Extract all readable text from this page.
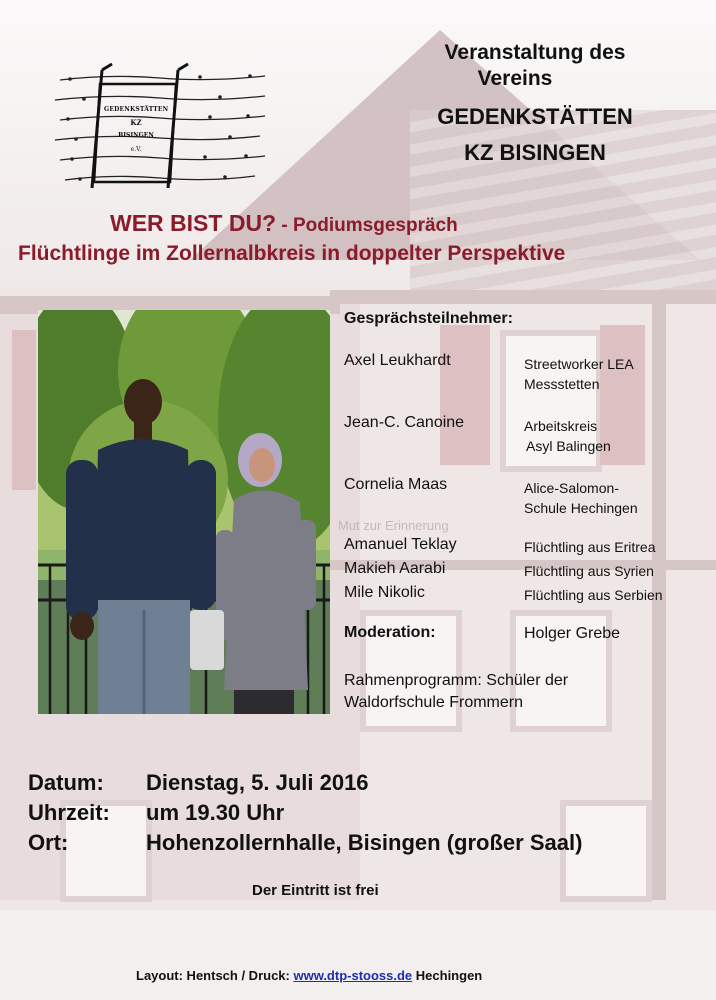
Mut zur Erinnerung
GEDENKSTÄTTEN
KZ
BISINGEN
e.V.
Veranstaltung des
Vereins
GEDENKSTÄTTEN
KZ BISINGEN
WER BIST DU? - Podiumsgespräch
Flüchtlinge im Zollernalbkreis in doppelter Perspektive
Gesprächsteilnehmer:
Axel Leukhardt	Streetworker LEA
Messstetten
Jean-C. Canoine	Arbeitskreis
Asyl Balingen
Cornelia Maas	Alice-Salomon-
Schule Hechingen
Amanuel Teklay	Flüchtling aus Eritrea
Makieh Aarabi	Flüchtling aus Syrien
Mile Nikolic	Flüchtling aus Serbien
Moderation:	Holger Grebe
Rahmenprogramm: Schüler der
Waldorfschule Frommern
Datum: Dienstag, 5. Juli 2016
Uhrzeit: um 19.30 Uhr
Ort:	Hohenzollernhalle, Bisingen (großer Saal)
Der Eintritt ist frei
Layout: Hentsch / Druck: www.dtp-stooss.de Hechingen
